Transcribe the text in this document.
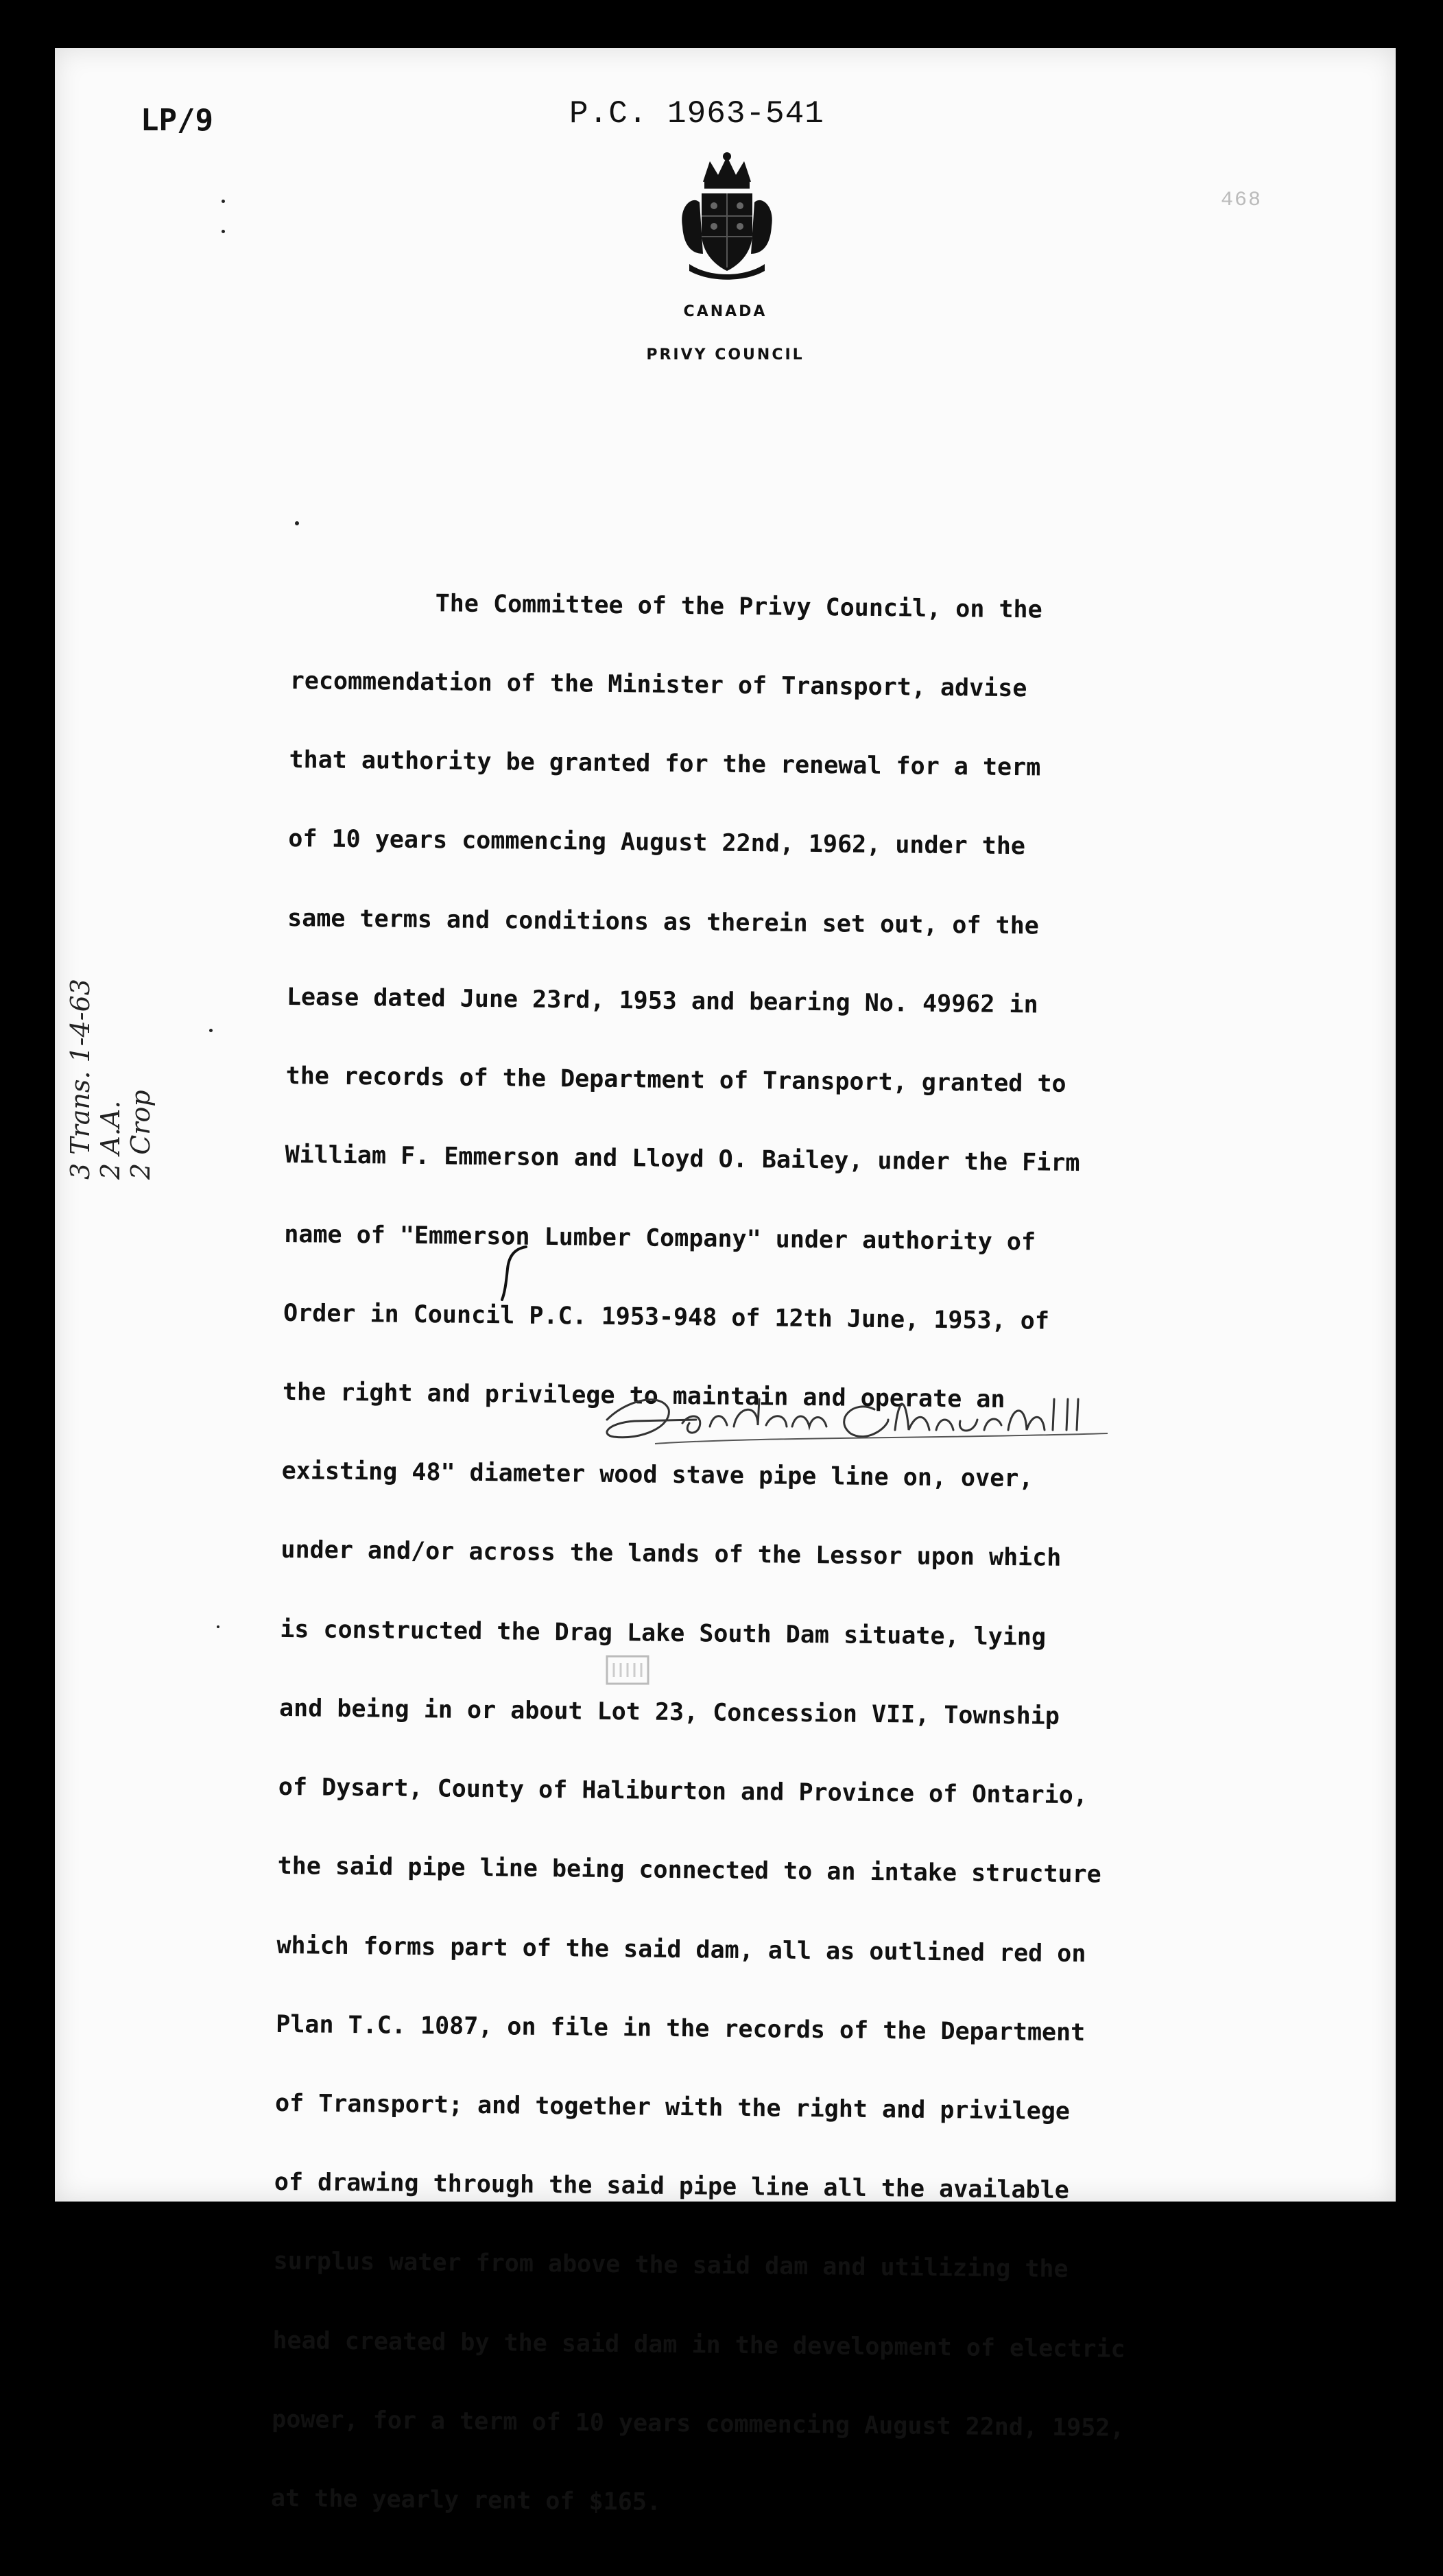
LP/9	P.C. 1963-541
468
CANADA
PRIVY COUNCIL

The Committee of the Privy Council, on the

recommendation of the Minister of Transport, advise

that authority be granted for the renewal for a term

of 10 years commencing August 22nd, 1962, under the

same terms and conditions as therein set out, of the

Lease dated June 23rd, 1953 and bearing No. 49962 in

the records of the Department of Transport, granted to

William F. Emmerson and Lloyd O. Bailey, under the Firm

name of "Emmerson Lumber Company" under authority of

Order in Council P.C. 1953-948 of 12th June, 1953, of

the right and privilege to maintain and operate an

existing 48" diameter wood stave pipe line on, over,

under and/or across the lands of the Lessor upon which

is constructed the Drag Lake South Dam situate, lying

and being in or about Lot 23, Concession VII, Township

of Dysart, County of Haliburton and Province of Ontario,

the said pipe line being connected to an intake structure

which forms part of the said dam, all as outlined red on

Plan T.C. 1087, on file in the records of the Department

of Transport; and together with the right and privilege

of drawing through the said pipe line all the available

surplus water from above the said dam and utilizing the

head created by the said dam in the development of electric

power, for a term of 10 years commencing August 22nd, 1952,

at the yearly rent of $165.

3 Trans. 1-4-63 2 A.A. 2 Crop
